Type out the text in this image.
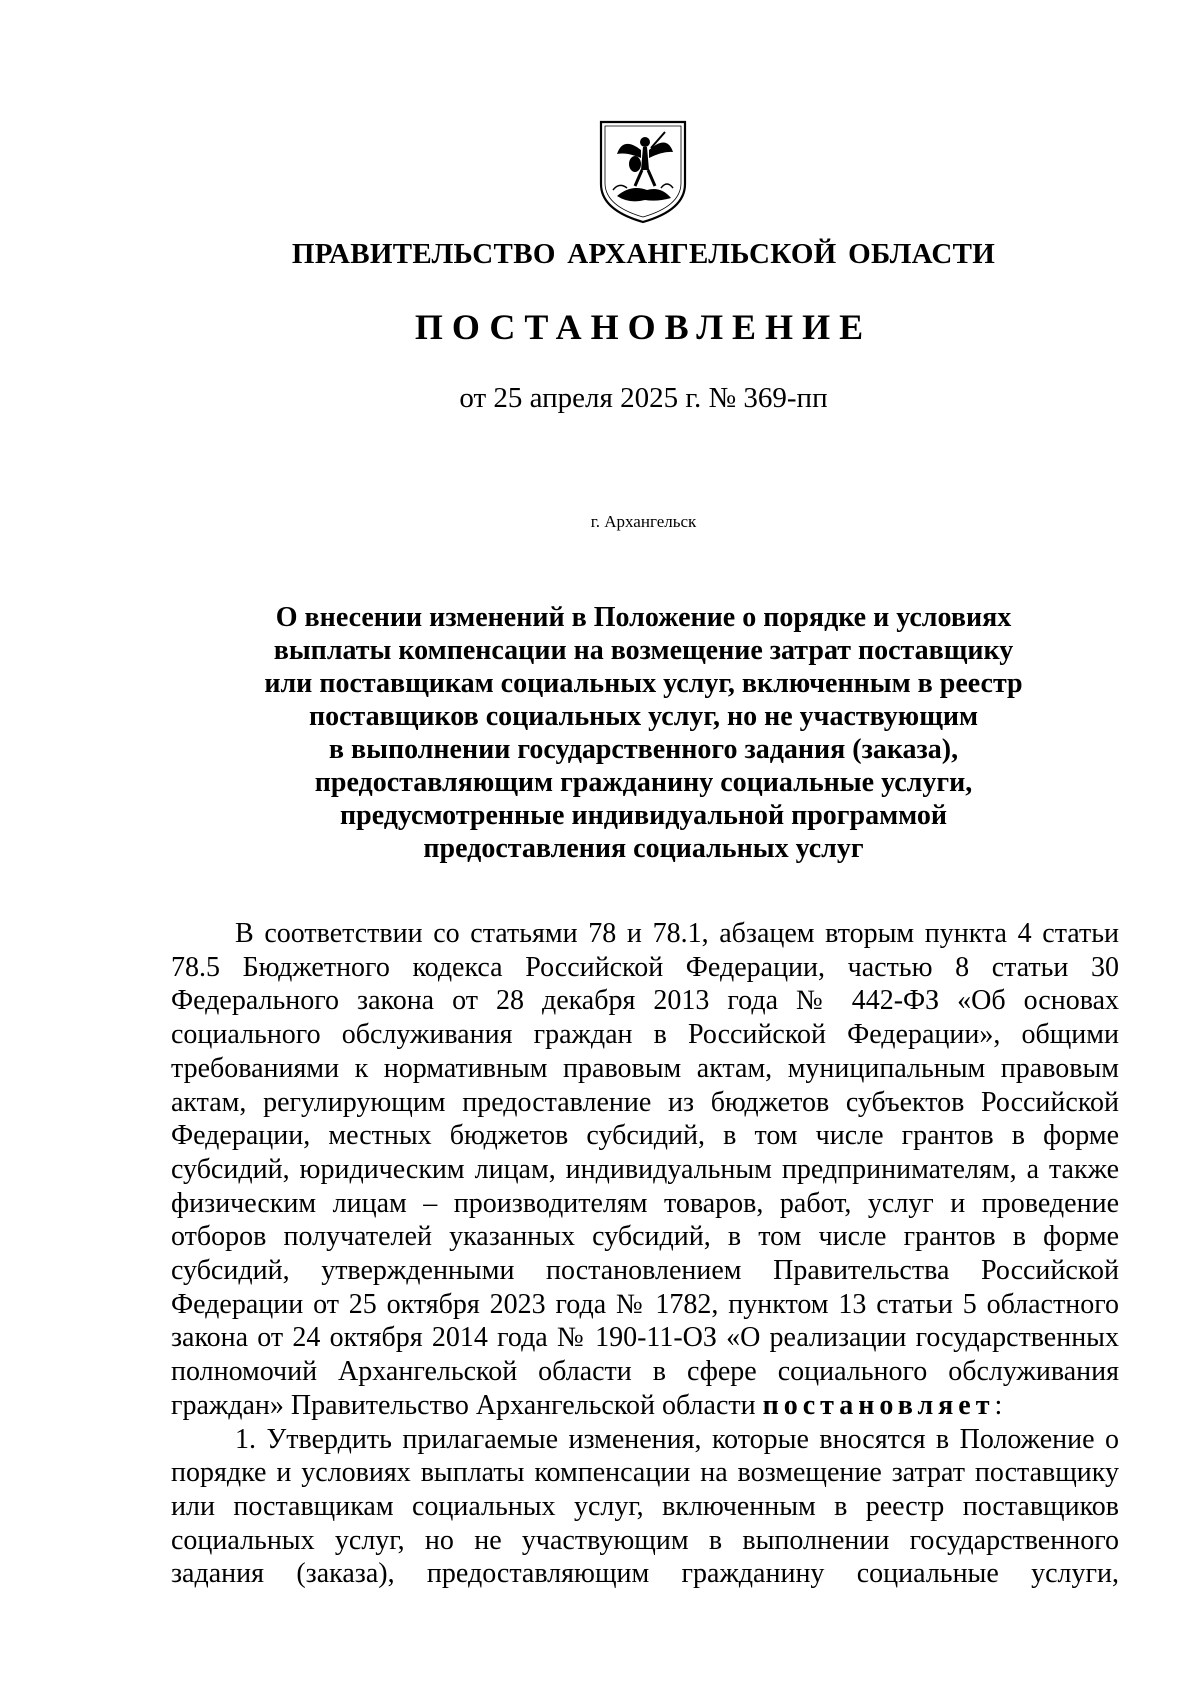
ПРАВИТЕЛЬСТВО АРХАНГЕЛЬСКОЙ ОБЛАСТИ
ПОСТАНОВЛЕНИЕ
от 25 апреля 2025 г. № 369-пп
г. Архангельск
О внесении изменений в Положение о порядке и условиях
выплаты компенсации на возмещение затрат поставщику
или поставщикам социальных услуг, включенным в реестр
поставщиков социальных услуг, но не участвующим
в выполнении государственного задания (заказа),
предоставляющим гражданину социальные услуги,
предусмотренные индивидуальной программой
предоставления социальных услуг

В соответствии со статьями 78 и 78.1, абзацем вторым пункта 4 статьи 78.5 Бюджетного кодекса Российской Федерации, частью 8 статьи 30 Федерального закона от 28 декабря 2013 года № 442-ФЗ «Об основах социального обслуживания граждан в Российской Федерации», общими требованиями к нормативным правовым актам, муниципальным правовым актам, регулирующим предоставление из бюджетов субъектов Российской Федерации, местных бюджетов субсидий, в том числе грантов в форме субсидий, юридическим лицам, индивидуальным предпринимателям, а также физическим лицам – производителям товаров, работ, услуг и проведение отборов получателей указанных субсидий, в том числе грантов в форме субсидий, утвержденными постановлением Правительства Российской Федерации от 25 октября 2023 года № 1782, пунктом 13 статьи 5 областного закона от 24 октября 2014 года № 190-11-ОЗ «О реализации государственных полномочий Архангельской области в сфере социального обслуживания граждан» Правительство Архангельской области постановляет:

1. Утвердить прилагаемые изменения, которые вносятся в Положение о порядке и условиях выплаты компенсации на возмещение затрат поставщику или поставщикам социальных услуг, включенным в реестр поставщиков социальных услуг, но не участвующим в выполнении государственного задания (заказа), предоставляющим гражданину социальные услуги,
